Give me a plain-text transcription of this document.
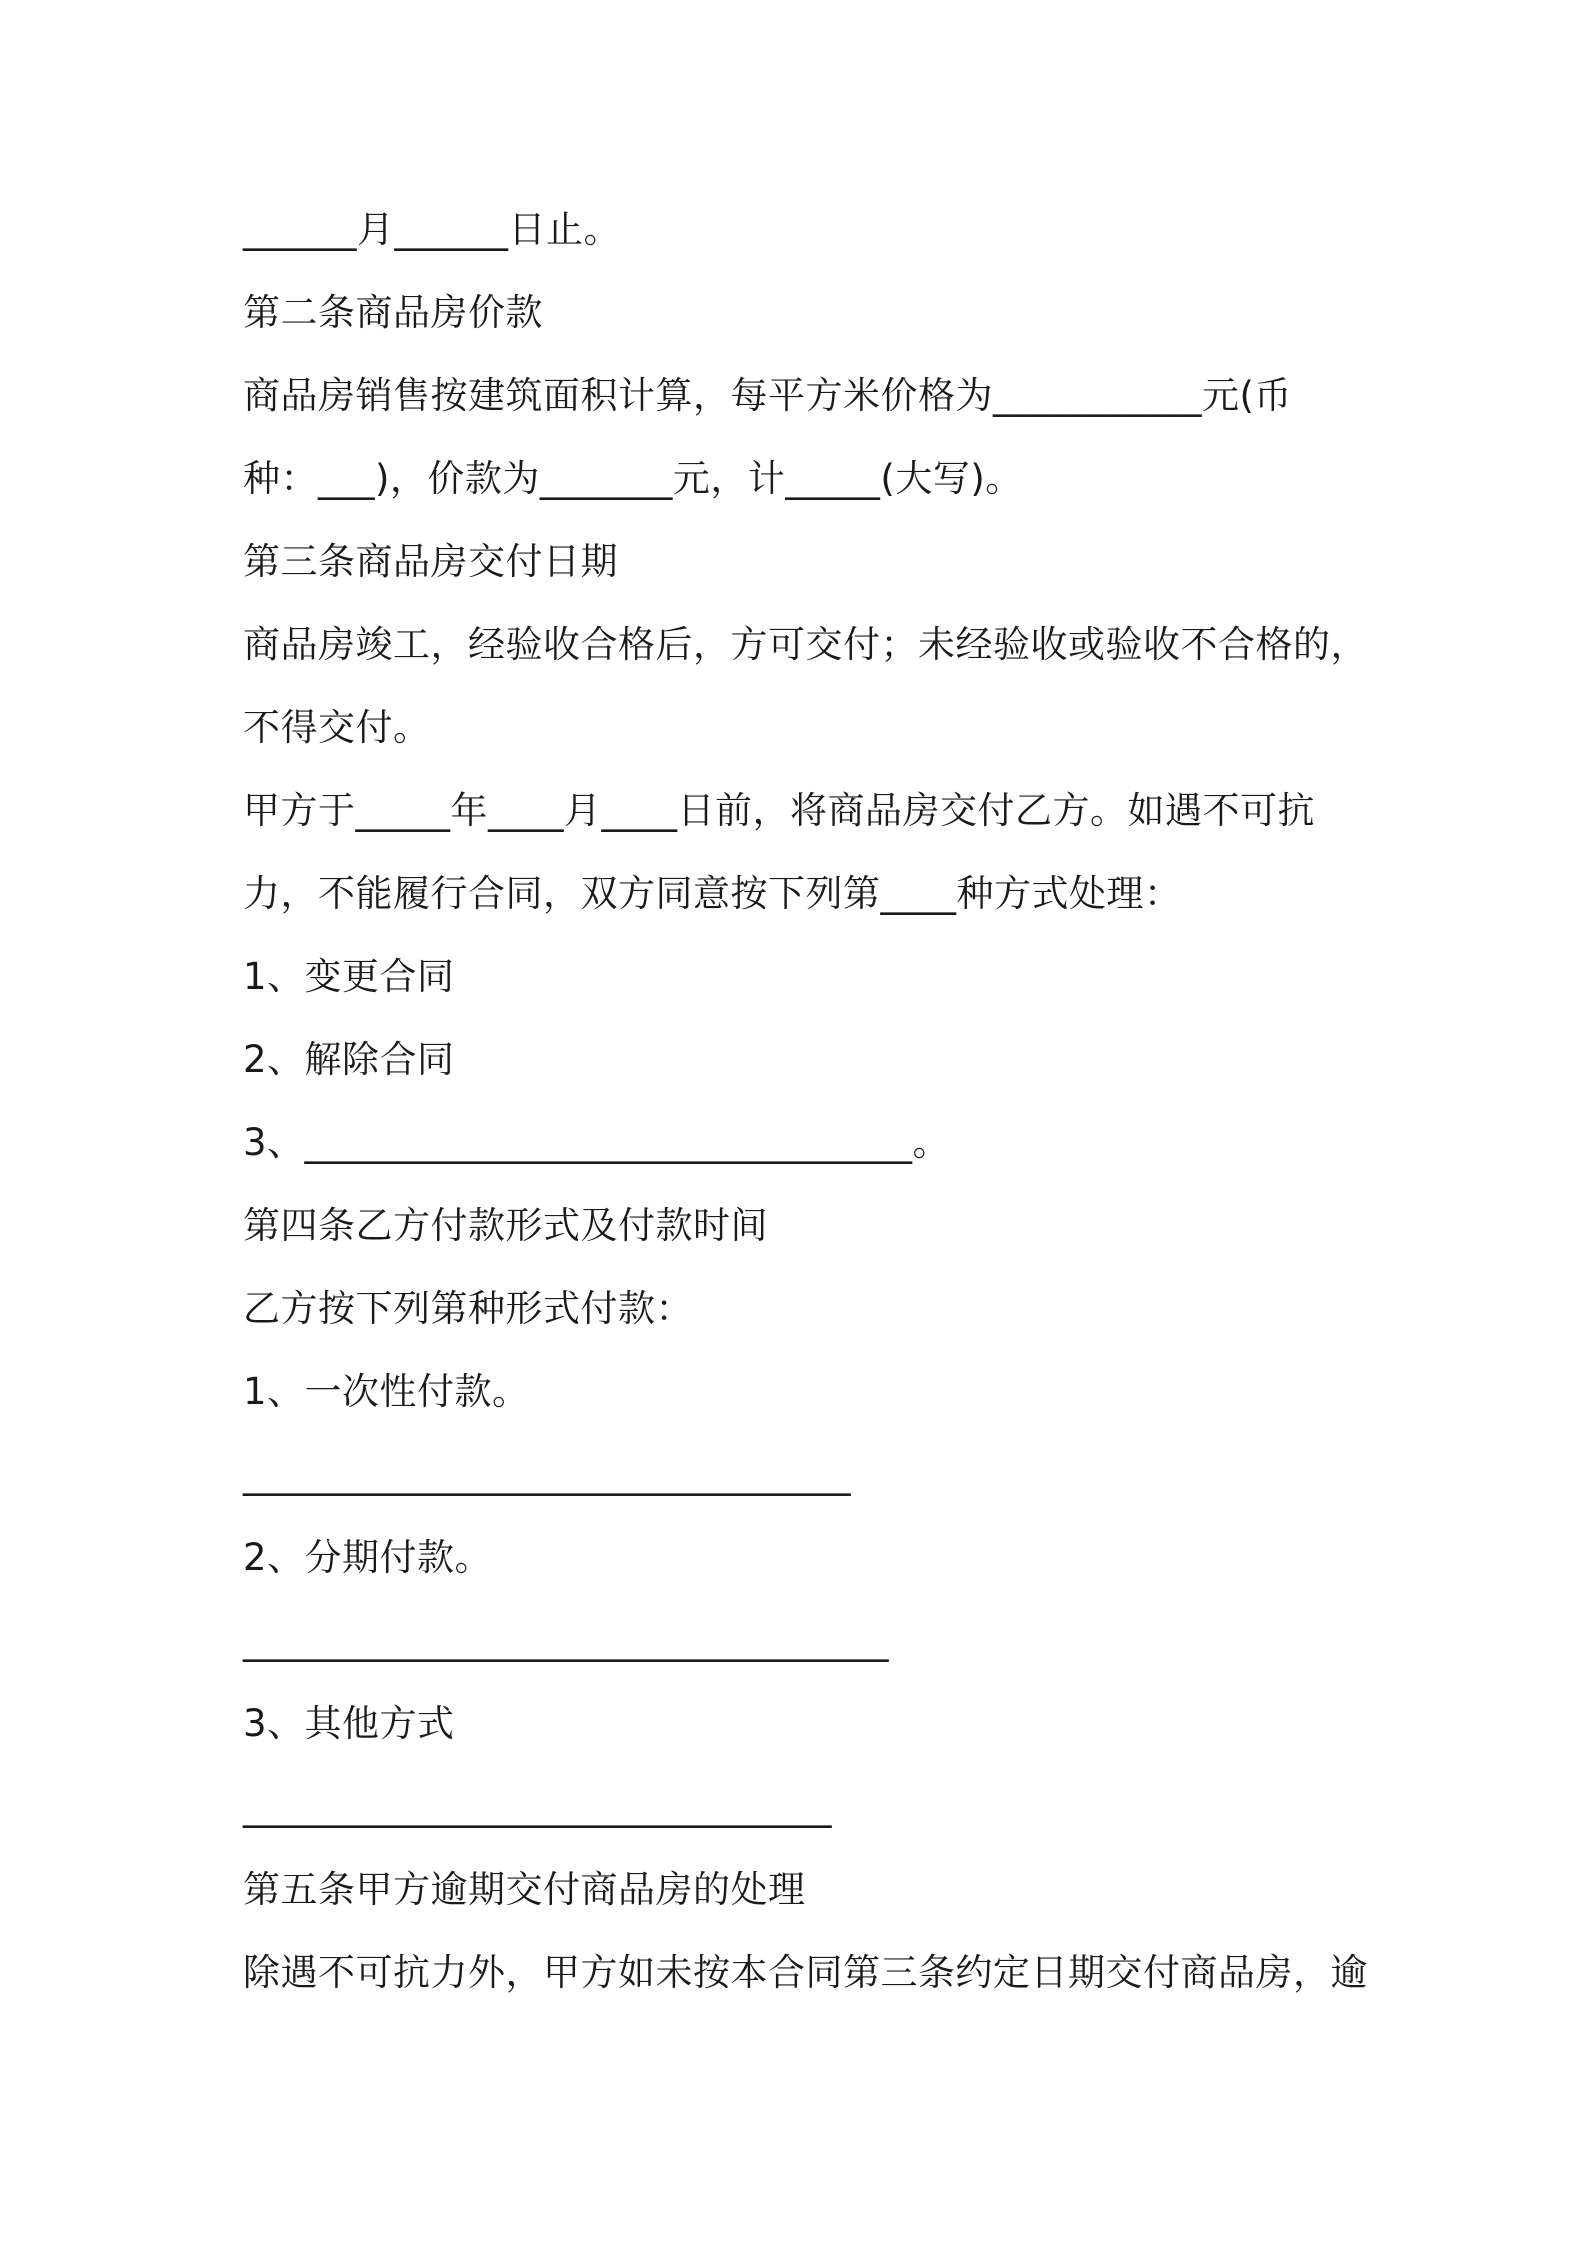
______月______日止。
第二条商品房价款
商品房销售按建筑面积计算，每平方米价格为___________元(币
种：___)，价款为_______元，计_____(大写)。
第三条商品房交付日期
商品房竣工，经验收合格后，方可交付；未经验收或验收不合格的，
不得交付。
甲方于_____年____月____日前，将商品房交付乙方。如遇不可抗
力，不能履行合同，双方同意按下列第____种方式处理：
1、变更合同
2、解除合同
3、________________________________。
第四条乙方付款形式及付款时间
乙方按下列第种形式付款：
1、一次性付款。
________________________________
2、分期付款。
__________________________________
3、其他方式
_______________________________
第五条甲方逾期交付商品房的处理
除遇不可抗力外，甲方如未按本合同第三条约定日期交付商品房，逾
